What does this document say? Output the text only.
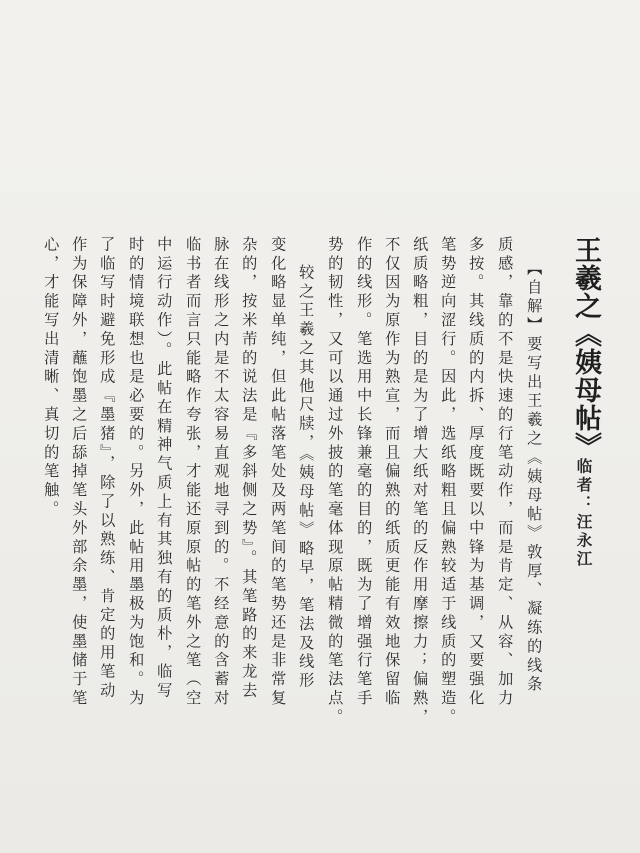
王羲之《姨母帖》
临者：汪永江
【自解】要写出王羲之《姨母帖》敦厚、凝练的线条
质感，靠的不是快速的行笔动作，而是肯定、从容、加力
多按。其线质的内拆、厚度既要以中锋为基调，又要强化
笔势逆向涩行。因此，选纸略粗且偏熟较适于线质的塑造。
纸质略粗，目的是为了增大纸对笔的反作用摩擦力；偏熟，
不仅因为原作为熟宣，而且偏熟的纸质更能有效地保留临
作的线形。笔选用中长锋兼毫的目的，既为了增强行笔手
势的韧性，又可以通过外披的笔毫体现原帖精微的笔法点。
较之王羲之其他尺牍，《姨母帖》略早，笔法及线形
变化略显单纯，但此帖落笔处及两笔间的笔势还是非常复
杂的，按米芾的说法是『多斜侧之势』。其笔路的来龙去
脉在线形之内是不太容易直观地寻到的。不经意的含蓄对
临书者而言只能略作夸张，才能还原原帖的笔外之笔（空
中运行动作）。此帖在精神气质上有其独有的质朴，临写
时的情境联想也是必要的。另外，此帖用墨极为饱和。为
了临写时避免形成『墨猪』，除了以熟练、肯定的用笔动
作为保障外，蘸饱墨之后舔掉笔头外部余墨，使墨储于笔
心，才能写出清晰、真切的笔触。
